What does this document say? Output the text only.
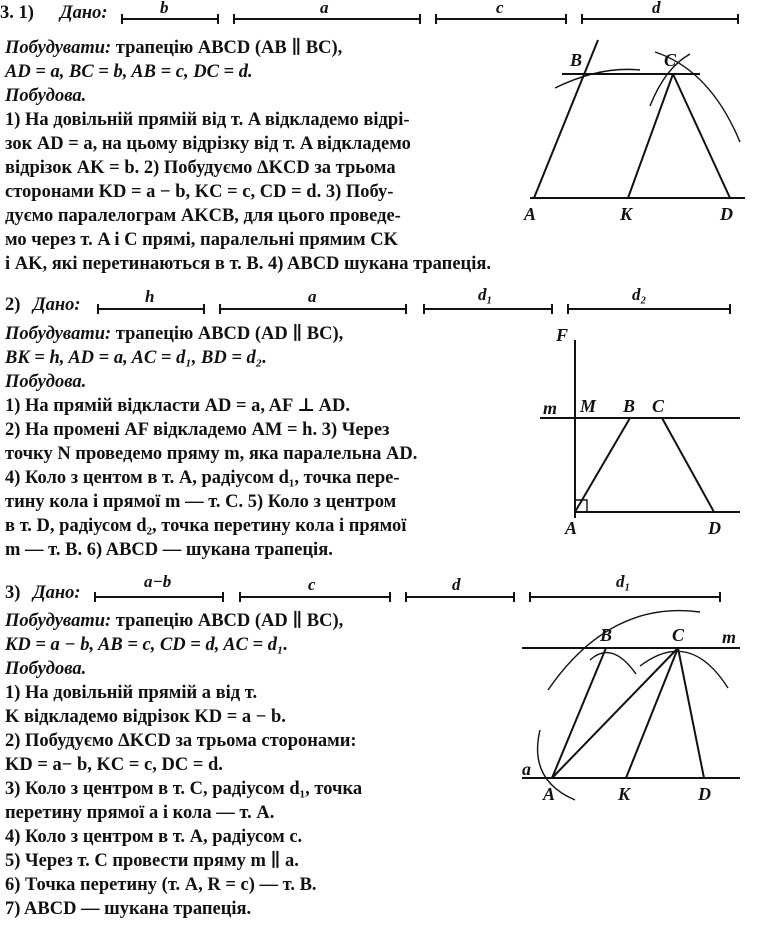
3. 1) Дано:	b	a	c	d
Побудувати: трапецію ABCD (AB ∥ BC),
AD = a, BC = b, AB = c, DC = d.
Побудова.
1) На довільній прямій від т. A відкладемо відрі-
зок AD = a, на цьому відрізку від т. A відкладемо
відрізок AK = b. 2) Побудуємо ΔKCD за трьома
сторонами KD = a − b, KC = c, CD = d. 3) Побу-
дуємо паралелограм AKCB, для цього проведе-
мо через т. A і C прямі, паралельні прямим CK
і AK, які перетинаються в т. B. 4) ABCD шукана трапеція.
B	C
A	K	D
2) Дано:	h	a	d₁	d₂
Побудувати: трапецію ABCD (AD ∥ BC),
BK = h, AD = a, AC = d₁, BD = d₂.
Побудова.
1) На прямій відкласти AD = a, AF ⊥ AD.
2) На промені AF відкладемо AM = h. 3) Через
точку N проведемо пряму m, яка паралельна AD.
4) Коло з центом в т. A, радіусом d₁, точка пере-
тину кола і прямої m — т. C. 5) Коло з центром
в т. D, радіусом d₂, точка перетину кола і прямої
m — т. B. 6) ABCD — шукана трапеція.
F
m M B C
A	D
3) Дано:
a−b	c	d	d₁
Побудувати: трапецію ABCD (AD ∥ BC),
KD = a − b, AB = c, CD = d, AC = d₁.
Побудова.
1) На довільній прямій a від т.
K відкладемо відрізок KD = a − b.
2) Побудуємо ΔKCD за трьома сторонами:
KD = a− b, KC = c, DC = d.
3) Коло з центром в т. C, радіусом d₁, точка
перетину прямої a і кола — т. A.
4) Коло з центром в т. A, радіусом c.
5) Через т. C провести пряму m ∥ a.
6) Точка перетину (т. A, R = c) — т. B.
7) ABCD — шукана трапеція.
B	C m
a
A	K	D
